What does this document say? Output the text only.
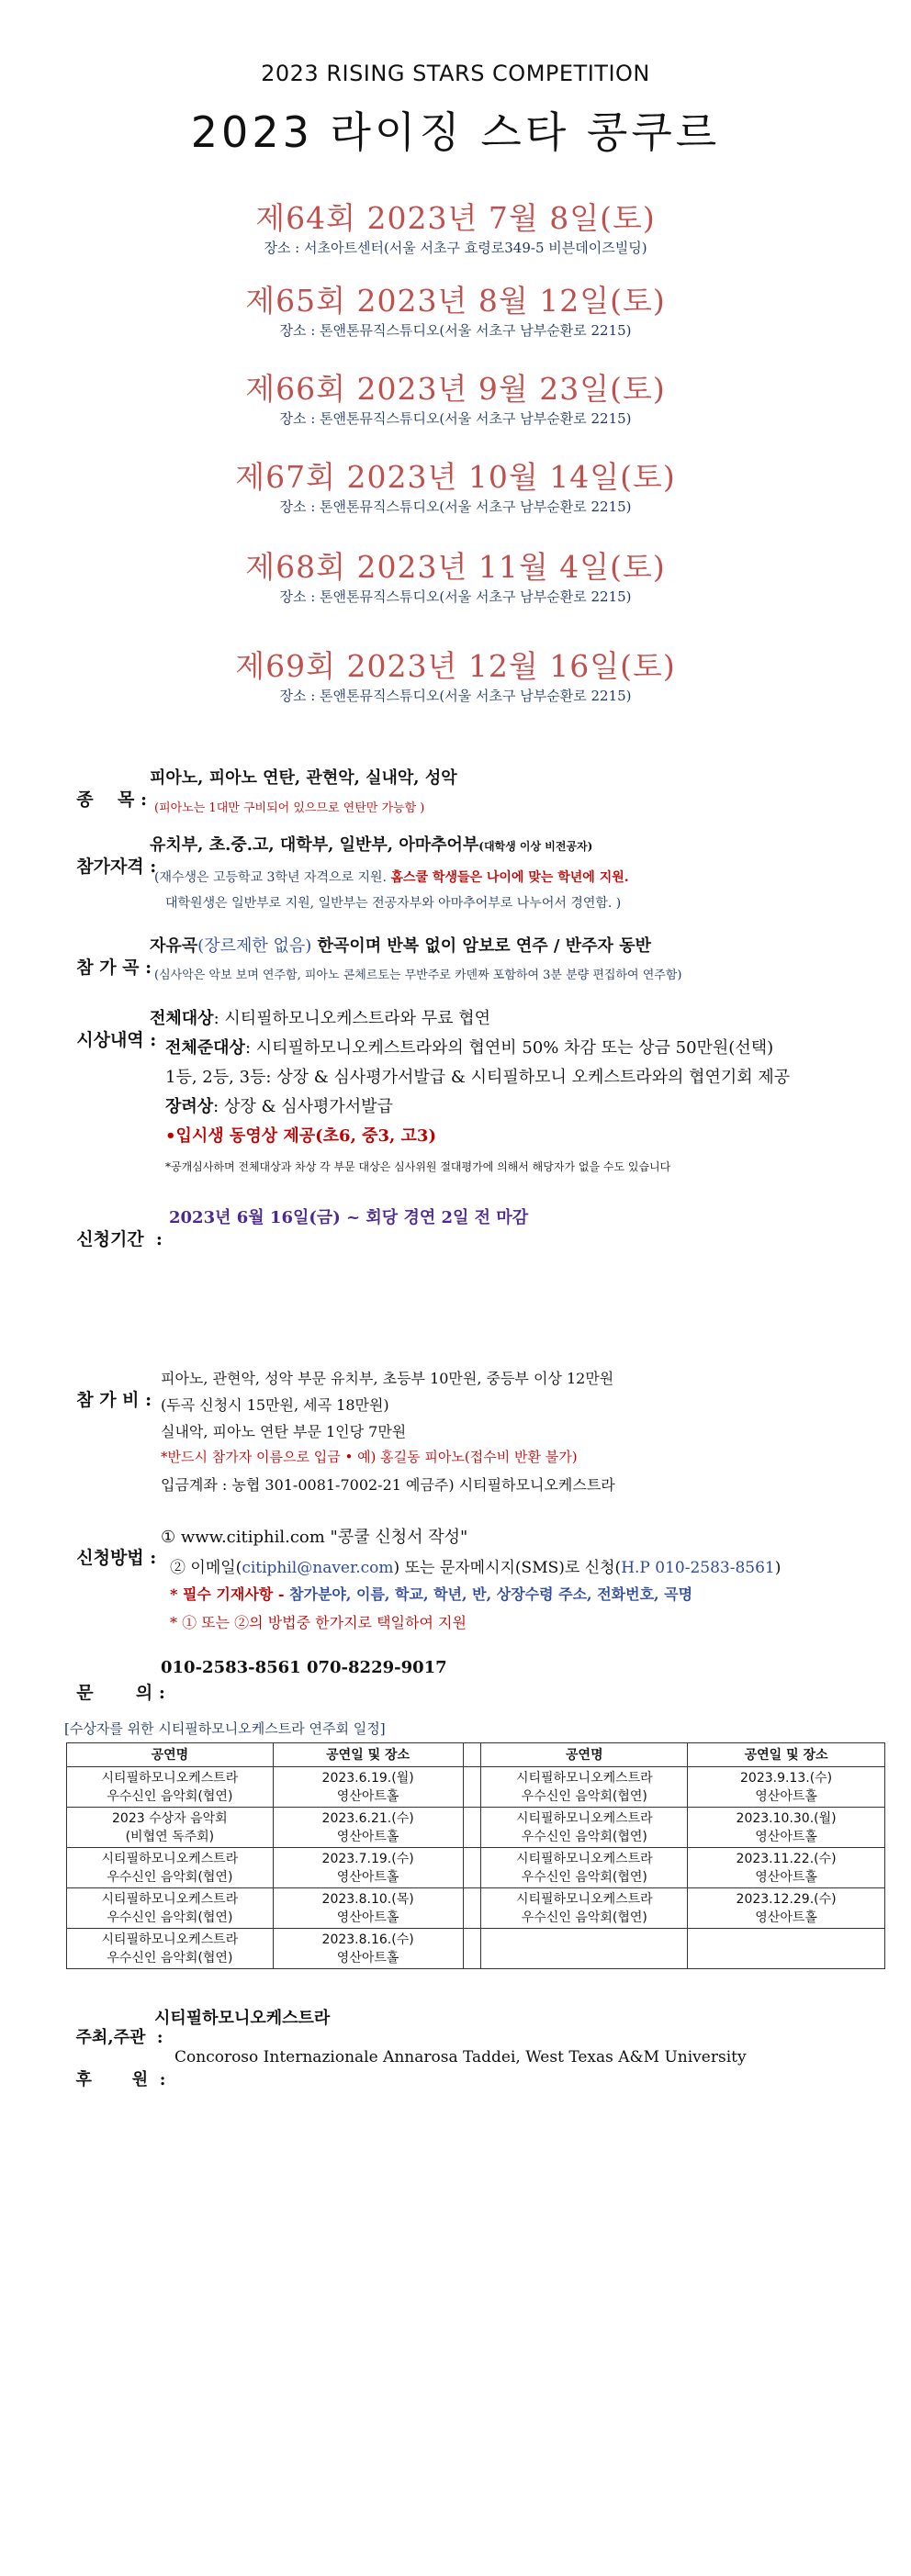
2023 RISING STARS COMPETITION
2023 라이징 스타 콩쿠르
제64회 2023년 7월 8일(토)
장소 : 서초아트센터(서울 서초구 효령로349-5 비븐데이즈빌딩)
제65회 2023년 8월 12일(토)
장소 : 톤앤톤뮤직스튜디오(서울 서초구 남부순환로 2215)
제66회 2023년 9월 23일(토)
장소 : 톤앤톤뮤직스튜디오(서울 서초구 남부순환로 2215)
제67회 2023년 10월 14일(토)
장소 : 톤앤톤뮤직스튜디오(서울 서초구 남부순환로 2215)
제68회 2023년 11월 4일(토)
장소 : 톤앤톤뮤직스튜디오(서울 서초구 남부순환로 2215)
제69회 2023년 12월 16일(토)
장소 : 톤앤톤뮤직스튜디오(서울 서초구 남부순환로 2215)

종    목 :

피아노, 피아노 연탄, 관현악, 실내악, 성악
(피아노는 1대만 구비되어 있으므로 연탄만 가능함 )

참가자격 :

유치부, 초.중.고, 대학부, 일반부, 아마추어부(대학생 이상 비전공자)
(재수생은 고등학교 3학년 자격으로 지원. 홈스쿨 학생들은 나이에 맞는 학년에 지원.
대학원생은 일반부로 지원, 일반부는 전공자부와 아마추어부로 나누어서 경연함. )

참 가 곡 :

자유곡(장르제한 없음) 한곡이며 반복 없이 암보로 연주 / 반주자 동반
(심사악은 악보 보며 연주함, 피아노 콘체르토는 무반주로 카덴짜 포함하여 3분 분량 편집하여 연주함)

시상내역 :

전체대상: 시티필하모니오케스트라와 무료 협연
전체준대상: 시티필하모니오케스트라와의 협연비 50% 차감 또는 상금 50만원(선택)
1등, 2등, 3등: 상장 & 심사평가서발급 & 시티필하모니 오케스트라와의 협연기회 제공
장려상: 상장 & 심사평가서발급
•입시생 동영상 제공(초6, 중3, 고3)
*공개심사하며 전체대상과 차상 각 부문 대상은 심사위원 절대평가에 의해서 해당자가 없을 수도 있습니다

신청기간  :

2023년 6월 16일(금) ~ 회당 경연 2일 전 마감

참 가 비 :

피아노, 관현악, 성악 부문 유치부, 초등부 10만원, 중등부 이상 12만원
(두곡 신청시 15만원, 세곡 18만원)
실내악, 피아노 연탄 부문 1인당 7만원
*반드시 참가자 이름으로 입금 • 예) 홍길동 피아노(접수비 반환 불가)
입금계좌 : 농협 301-0081-7002-21 예금주) 시티필하모니오케스트라

신청방법 :

① www.citiphil.com "콩쿨 신청서 작성"
② 이메일(citiphil@naver.com) 또는 문자메시지(SMS)로 신청(H.P 010-2583-8561)
* 필수 기재사항 - 참가분야, 이름, 학교, 학년, 반, 상장수령 주소, 전화번호, 곡명
* ① 또는 ②의 방법중 한가지로 택일하여 지원

문       의 :

010-2583-8561 070-8229-9017
[수상자를 위한 시티필하모니오케스트라 연주회 일정]
공연명	공연일 및 장소		공연명	공연일 및 장소

시티필하모니오케스트라
우수신인 음악회(협연)	2023.6.19.(월)
영산아트홀		시티필하모니오케스트라
우수신인 음악회(협연)	2023.9.13.(수)
영산아트홀

2023 수상자 음악회
(비협연 독주회)	2023.6.21.(수)
영산아트홀		시티필하모니오케스트라
우수신인 음악회(협연)	2023.10.30.(월)
영산아트홀

시티필하모니오케스트라
우수신인 음악회(협연)	2023.7.19.(수)
영산아트홀		시티필하모니오케스트라
우수신인 음악회(협연)	2023.11.22.(수)
영산아트홀

시티필하모니오케스트라
우수신인 음악회(협연)	2023.8.10.(목)
영산아트홀		시티필하모니오케스트라
우수신인 음악회(협연)	2023.12.29.(수)
영산아트홀

시티필하모니오케스트라
우수신인 음악회(협연)	2023.8.16.(수)
영산아트홀			

주최,주관  :

시티필하모니오케스트라

후       원  :

Concoroso Internazionale Annarosa Taddei, West Texas A&M University
